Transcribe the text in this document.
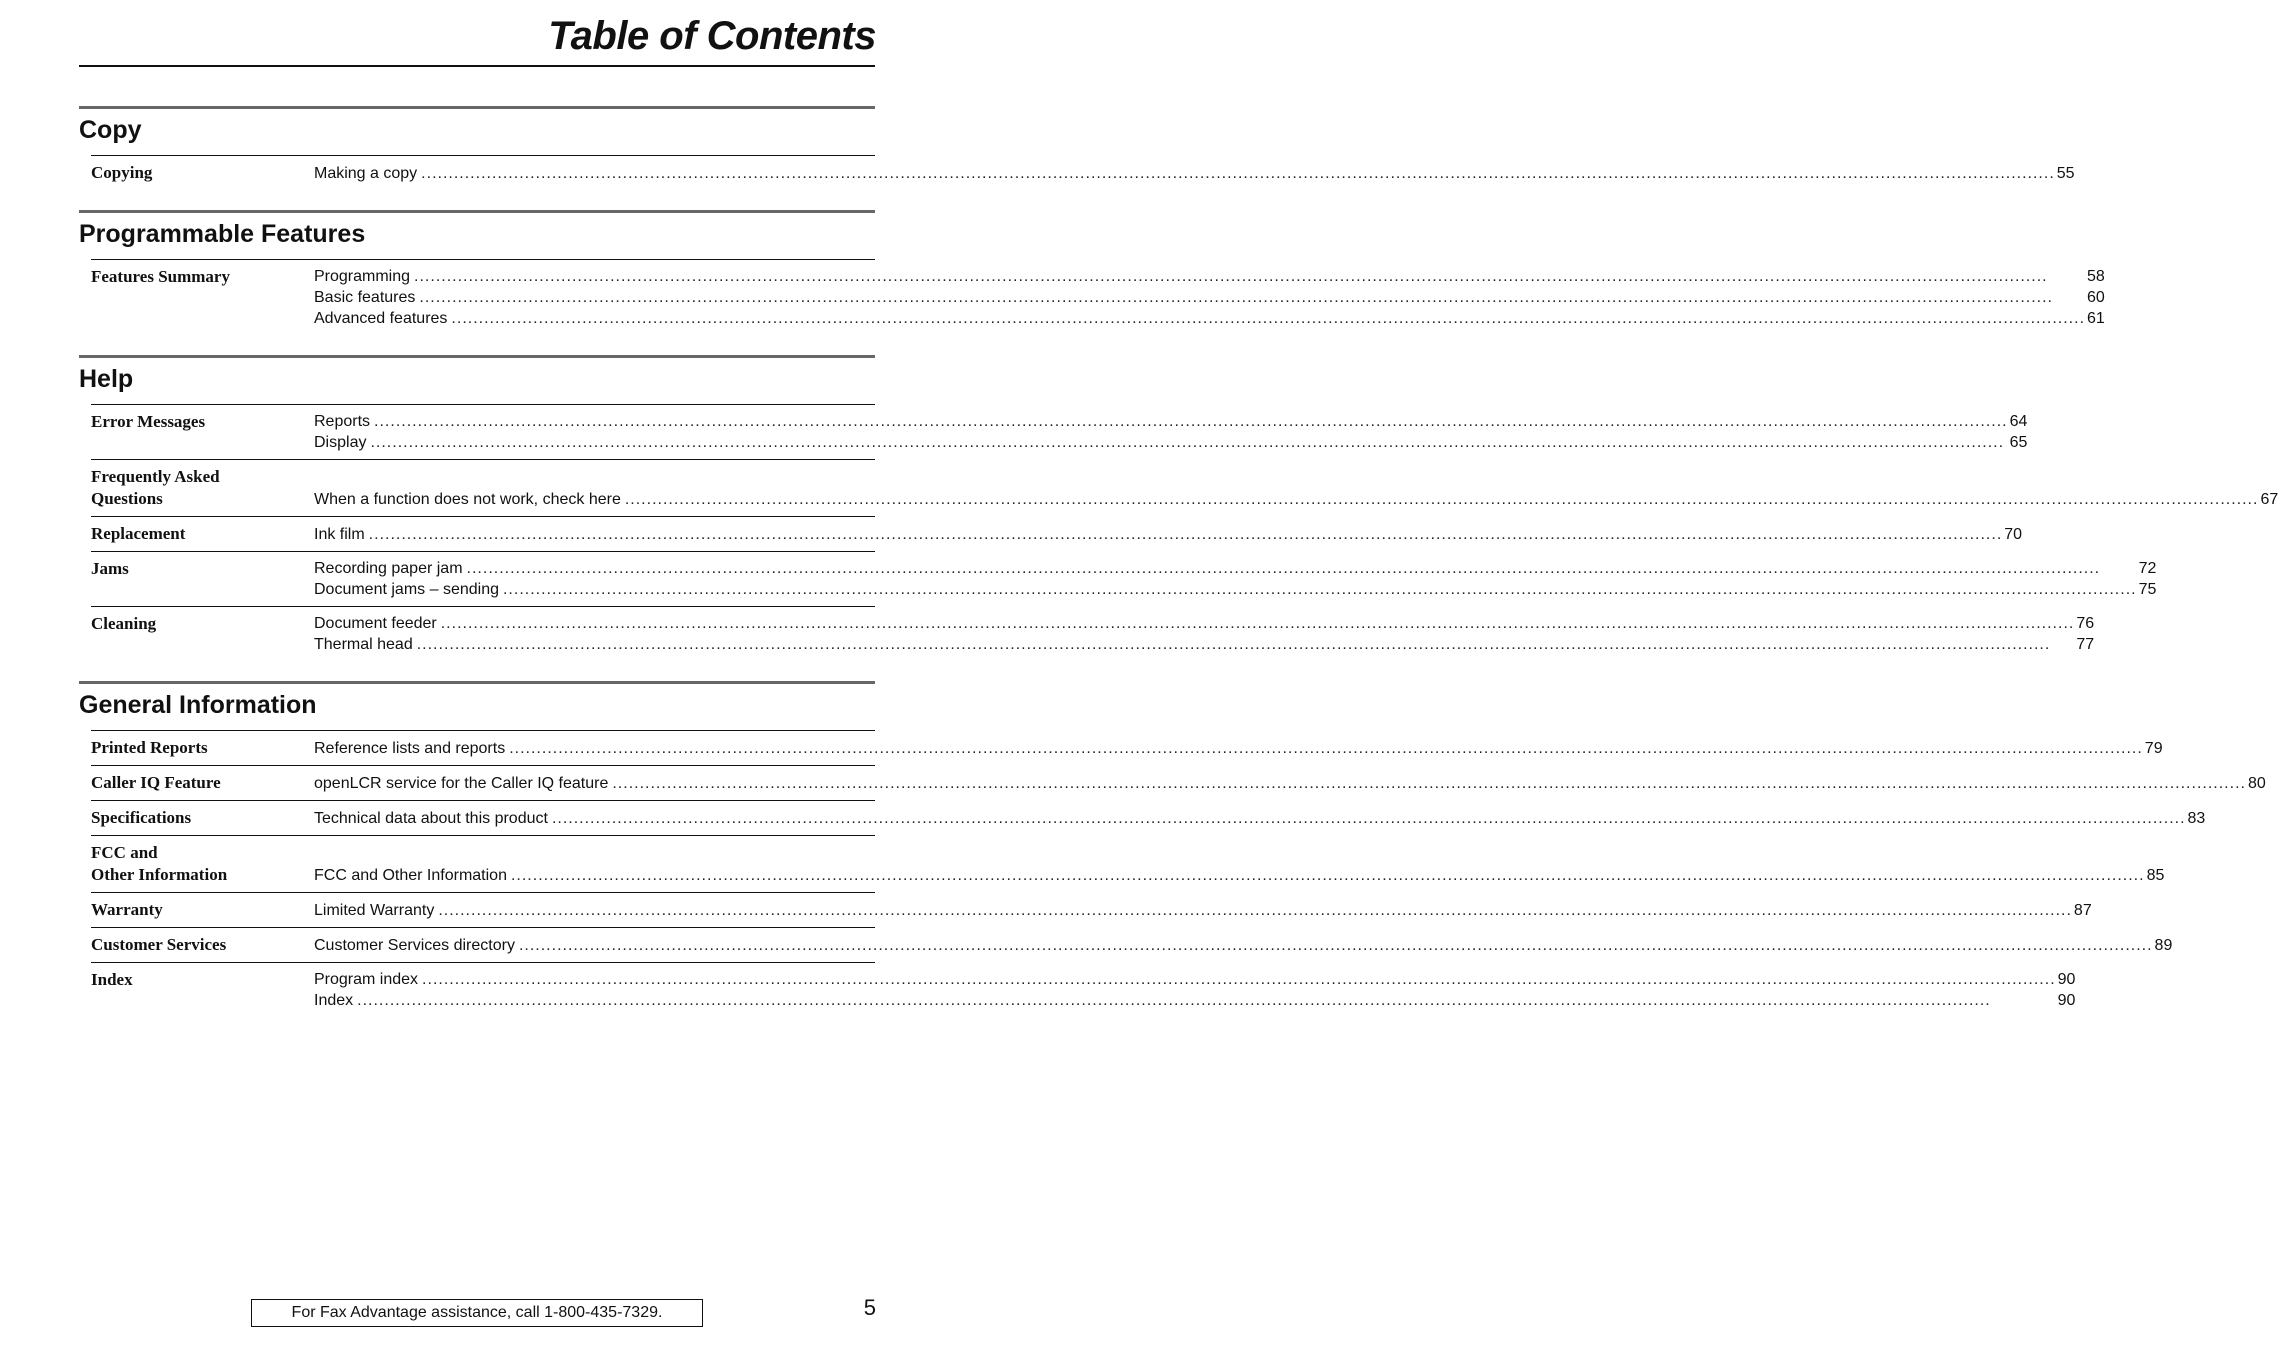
Table of Contents
Copy
Copying	Making a copy ............................................................................................................................................................................................................................................................................................................ 55
Programmable Features
Features Summary	Programming ............................................................................................................................................................................................................................................................................................................	58
Basic features ............................................................................................................................................................................................................................................................................................................	60
Advanced features ............................................................................................................................................................................................................................................................................................................ 61
Help
Error Messages	Reports ............................................................................................................................................................................................................................................................................................................ 64
Display ............................................................................................................................................................................................................................................................................................................ 65
Frequently Asked
Questions	When a function does not work, check here ............................................................................................................................................................................................................................................................................................................ 67
Replacement	Ink film ............................................................................................................................................................................................................................................................................................................ 70
Jams	Recording paper jam ............................................................................................................................................................................................................................................................................................................	72
Document jams – sending ............................................................................................................................................................................................................................................................................................................ 75
Cleaning	Document feeder ............................................................................................................................................................................................................................................................................................................ 76
Thermal head ............................................................................................................................................................................................................................................................................................................	77
General Information
Printed Reports	Reference lists and reports ............................................................................................................................................................................................................................................................................................................ 79
Caller IQ Feature	openLCR service for the Caller IQ feature ............................................................................................................................................................................................................................................................................................................ 80
Specifications	Technical data about this product ............................................................................................................................................................................................................................................................................................................ 83
FCC and
Other Information	FCC and Other Information ............................................................................................................................................................................................................................................................................................................ 85
Warranty	Limited Warranty ............................................................................................................................................................................................................................................................................................................ 87
Customer Services	Customer Services directory ............................................................................................................................................................................................................................................................................................................ 89
Index	Program index ............................................................................................................................................................................................................................................................................................................ 90
Index ............................................................................................................................................................................................................................................................................................................	90
For Fax Advantage assistance, call 1-800-435-7329.	5
